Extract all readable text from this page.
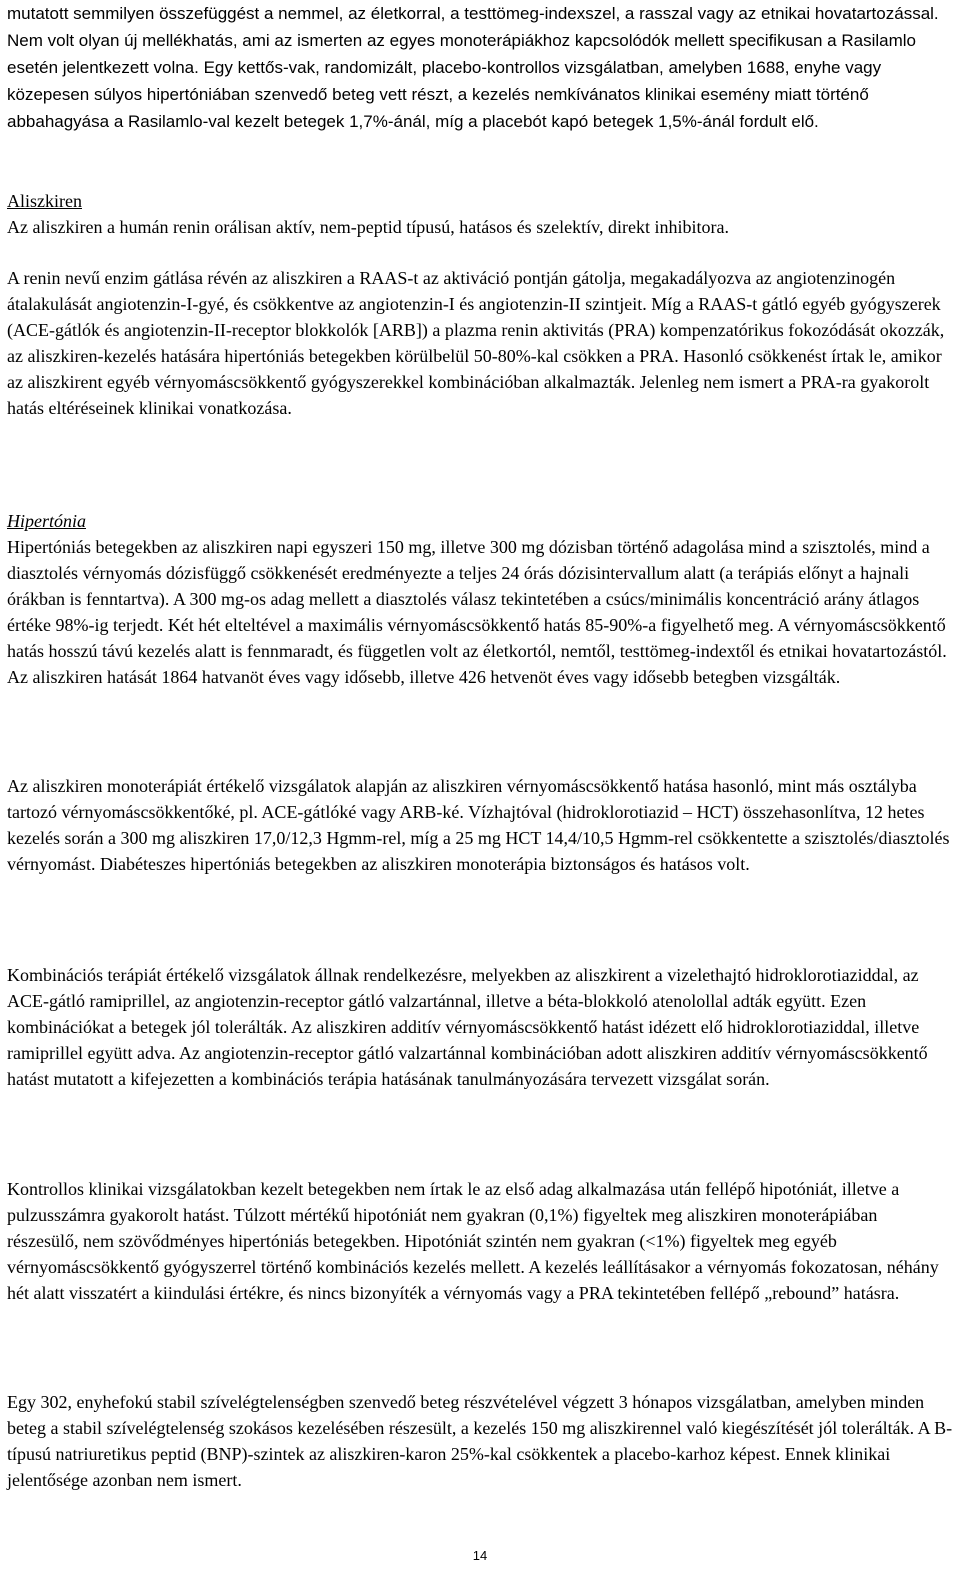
mutatott semmilyen összefüggést a nemmel, az életkorral, a testtömeg-indexszel, a rasszal vagy az etnikai hovatartozással. Nem volt olyan új mellékhatás, ami az ismerten az egyes monoterápiákhoz kapcsolódók mellett specifikusan a Rasilamlo esetén jelentkezett volna. Egy kettős-vak, randomizált, placebo-kontrollos vizsgálatban, amelyben 1688, enyhe vagy közepesen súlyos hipertóniában szenvedő beteg vett részt, a kezelés nemkívánatos klinikai esemény miatt történő abbahagyása a Rasilamlo-val kezelt betegek 1,7%-ánál, míg a placebót kapó betegek 1,5%-ánál fordult elő.

Aliszkiren

Az aliszkiren a humán renin orálisan aktív, nem-peptid típusú, hatásos és szelektív, direkt inhibitora.

A renin nevű enzim gátlása révén az aliszkiren a RAAS-t az aktiváció pontján gátolja, megakadályozva az angiotenzinogén átalakulását angiotenzin-I-gyé, és csökkentve az angiotenzin-I és angiotenzin-II szintjeit. Míg a RAAS-t gátló egyéb gyógyszerek (ACE-gátlók és angiotenzin-II-receptor blokkolók [ARB]) a plazma renin aktivitás (PRA) kompenzatórikus fokozódását okozzák, az aliszkiren-kezelés hatására hipertóniás betegekben körülbelül 50-80%-kal csökken a PRA. Hasonló csökkenést írtak le, amikor az aliszkirent egyéb vérnyomáscsökkentő gyógyszerekkel kombinációban alkalmazták. Jelenleg nem ismert a PRA-ra gyakorolt hatás eltéréseinek klinikai vonatkozása.

Hipertónia

Hipertóniás betegekben az aliszkiren napi egyszeri 150 mg, illetve 300 mg dózisban történő adagolása mind a szisztolés, mind a diasztolés vérnyomás dózisfüggő csökkenését eredményezte a teljes 24 órás dózisintervallum alatt (a terápiás előnyt a hajnali órákban is fenntartva). A 300 mg-os adag mellett a diasztolés válasz tekintetében a csúcs/minimális koncentráció arány átlagos értéke 98%-ig terjedt. Két hét elteltével a maximális vérnyomáscsökkentő hatás 85-90%-a figyelhető meg. A vérnyomáscsökkentő hatás hosszú távú kezelés alatt is fennmaradt, és független volt az életkortól, nemtől, testtömeg-indextől és etnikai hovatartozástól. Az aliszkiren hatását 1864 hatvanöt éves vagy idősebb, illetve 426 hetvenöt éves vagy idősebb betegben vizsgálták.

Az aliszkiren monoterápiát értékelő vizsgálatok alapján az aliszkiren vérnyomáscsökkentő hatása hasonló, mint más osztályba tartozó vérnyomáscsökkentőké, pl. ACE-gátlóké vagy ARB-ké. Vízhajtóval (hidroklorotiazid – HCT) összehasonlítva, 12 hetes kezelés során a 300 mg aliszkiren 17,0/12,3 Hgmm-rel, míg a 25 mg HCT 14,4/10,5 Hgmm-rel csökkentette a szisztolés/diasztolés vérnyomást. Diabéteszes hipertóniás betegekben az aliszkiren monoterápia biztonságos és hatásos volt.

Kombinációs terápiát értékelő vizsgálatok állnak rendelkezésre, melyekben az aliszkirent a vizelethajtó hidroklorotiaziddal, az ACE-gátló ramiprillel, az angiotenzin-receptor gátló valzartánnal, illetve a béta-blokkoló atenolollal adták együtt. Ezen kombinációkat a betegek jól tolerálták. Az aliszkiren additív vérnyomáscsökkentő hatást idézett elő hidroklorotiaziddal, illetve ramiprillel együtt adva. Az angiotenzin-receptor gátló valzartánnal kombinációban adott aliszkiren additív vérnyomáscsökkentő hatást mutatott a kifejezetten a kombinációs terápia hatásának tanulmányozására tervezett vizsgálat során.

Kontrollos klinikai vizsgálatokban kezelt betegekben nem írtak le az első adag alkalmazása után fellépő hipotóniát, illetve a pulzusszámra gyakorolt hatást. Túlzott mértékű hipotóniát nem gyakran (0,1%) figyeltek meg aliszkiren monoterápiában részesülő, nem szövődményes hipertóniás betegekben. Hipotóniát szintén nem gyakran (<1%) figyeltek meg egyéb vérnyomáscsökkentő gyógyszerrel történő kombinációs kezelés mellett. A kezelés leállításakor a vérnyomás fokozatosan, néhány hét alatt visszatért a kiindulási értékre, és nincs bizonyíték a vérnyomás vagy a PRA tekintetében fellépő „rebound” hatásra.

Egy 302, enyhefokú stabil szívelégtelenségben szenvedő beteg részvételével végzett 3 hónapos vizsgálatban, amelyben minden beteg a stabil szívelégtelenség szokásos kezelésében részesült, a kezelés 150 mg aliszkirennel való kiegészítését jól tolerálták. A B-típusú natriuretikus peptid (BNP)-szintek az aliszkiren-karon 25%-kal csökkentek a placebo-karhoz képest. Ennek klinikai jelentősége azonban nem ismert.

14
